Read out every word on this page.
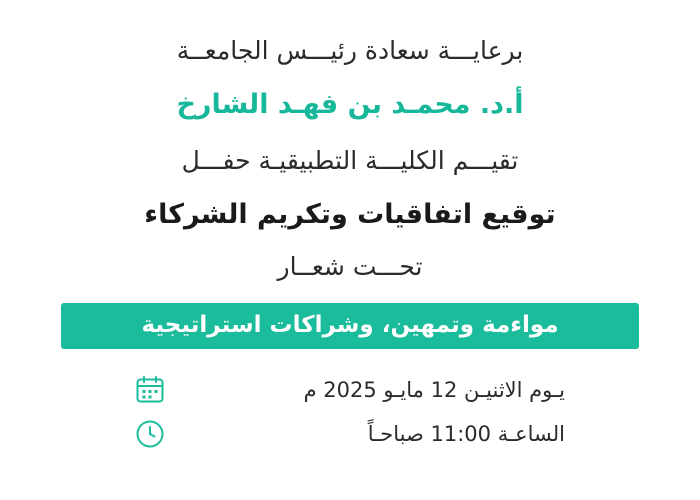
برعايـــة سعادة رئيـــس الجامعــة
أ.د. محمـد بن فهـد الشارخ
تقيـــم الكليـــة التطبيقيـة حفـــل
توقيع اتفاقيات وتكريم الشركاء
تحـــت شعــار
مواءمة وتمهين، وشراكات استراتيجية
يـوم الاثنيـن 12 مايـو 2025 م
الساعـة 11:00 صباحـاً
